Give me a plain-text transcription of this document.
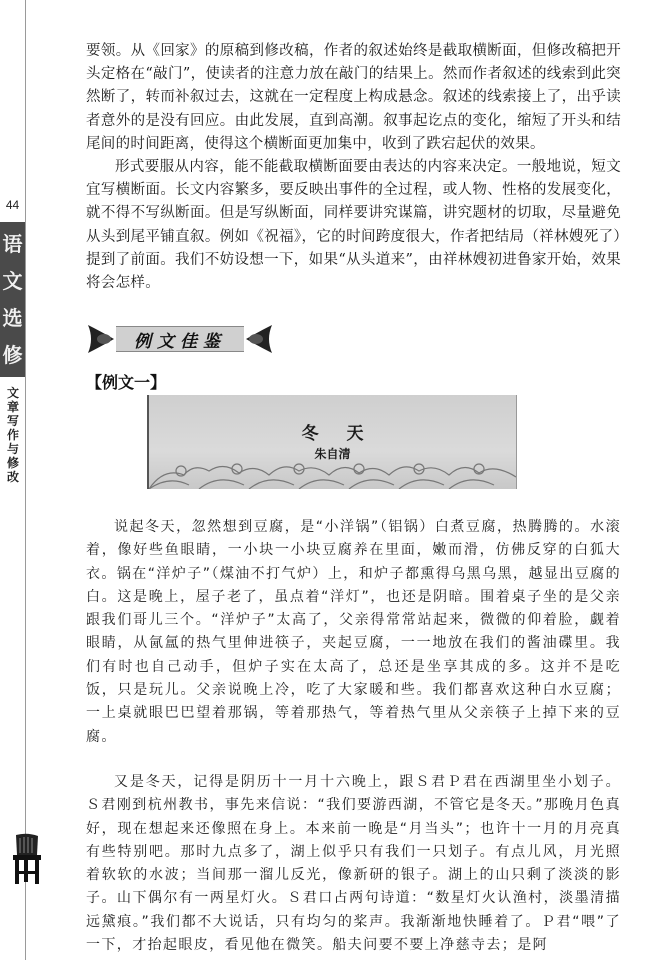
44
语
文
选
修
文
章
写
作
与
修
改

要领。从《回家》的原稿到修改稿，作者的叙述始终是截取横断面，但修改稿把开头定格在“敲门”，使读者的注意力放在敲门的结果上。然而作者叙述的线索到此突然断了，转而补叙过去，这就在一定程度上构成悬念。叙述的线索接上了，出乎读者意外的是没有回应。由此发展，直到高潮。叙事起讫点的变化，缩短了开头和结尾间的时间距离，使得这个横断面更加集中，收到了跌宕起伏的效果。

形式要服从内容，能不能截取横断面要由表达的内容来决定。一般地说，短文宜写横断面。长文内容繁多，要反映出事件的全过程，或人物、性格的发展变化，就不得不写纵断面。但是写纵断面，同样要讲究谋篇，讲究题材的切取，尽量避免从头到尾平铺直叙。例如《祝福》，它的时间跨度很大，作者把结局（祥林嫂死了）提到了前面。我们不妨设想一下，如果“从头道来”，由祥林嫂初进鲁家开始，效果将会怎样。

例文佳鉴
【例文一】
冬天
朱自清

说起冬天，忽然想到豆腐，是“小洋锅”（铝锅）白煮豆腐，热腾腾的。水滚着，像好些鱼眼睛，一小块一小块豆腐养在里面，嫩而滑，仿佛反穿的白狐大衣。锅在“洋炉子”（煤油不打气炉）上，和炉子都熏得乌黑乌黑，越显出豆腐的白。这是晚上，屋子老了，虽点着“洋灯”，也还是阴暗。围着桌子坐的是父亲跟我们哥儿三个。“洋炉子”太高了，父亲得常常站起来，微微的仰着脸，觑着眼睛，从氤氲的热气里伸进筷子，夹起豆腐，一一地放在我们的酱油碟里。我们有时也自己动手，但炉子实在太高了，总还是坐享其成的多。这并不是吃饭，只是玩儿。父亲说晚上冷，吃了大家暖和些。我们都喜欢这种白水豆腐；一上桌就眼巴巴望着那锅，等着那热气，等着热气里从父亲筷子上掉下来的豆腐。

又是冬天，记得是阴历十一月十六晚上，跟Ｓ君Ｐ君在西湖里坐小划子。Ｓ君刚到杭州教书，事先来信说：“我们要游西湖，不管它是冬天。”那晚月色真好，现在想起来还像照在身上。本来前一晚是“月当头”；也许十一月的月亮真有些特别吧。那时九点多了，湖上似乎只有我们一只划子。有点儿风，月光照着软软的水波；当间那一溜儿反光，像新研的银子。湖上的山只剩了淡淡的影子。山下偶尔有一两星灯火。Ｓ君口占两句诗道：“数星灯火认渔村，淡墨清描远黛痕。”我们都不大说话，只有均匀的桨声。我渐渐地快睡着了。Ｐ君“喂”了一下，才抬起眼皮，看见他在微笑。船夫问要不要上净慈寺去；是阿
